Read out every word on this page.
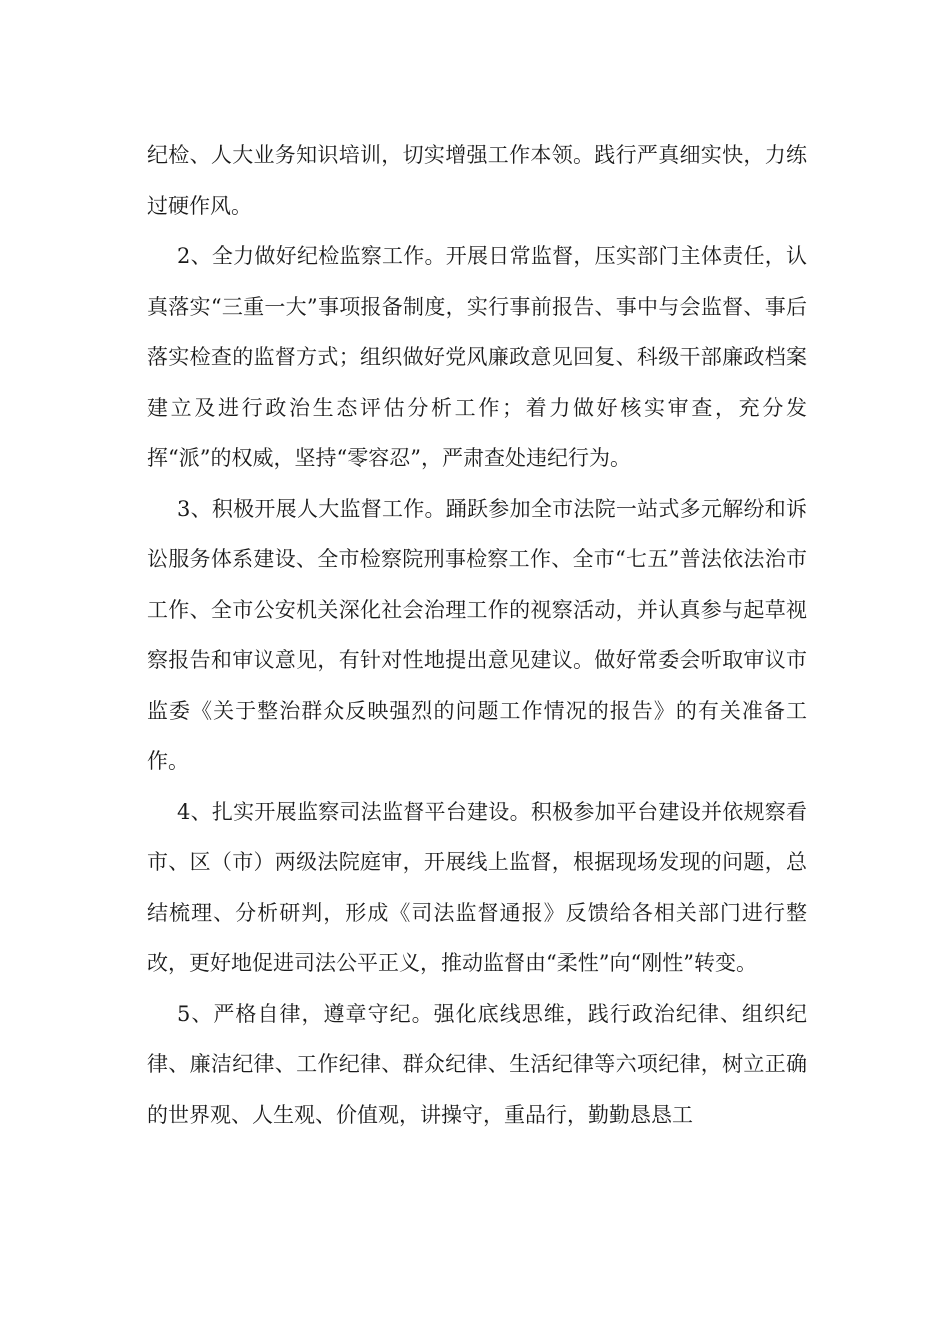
纪检、人大业务知识培训，切实增强工作本领。践行严真细实快，力练过硬作风。

2、全力做好纪检监察工作。开展日常监督，压实部门主体责任，认真落实“三重一大”事项报备制度，实行事前报告、事中与会监督、事后落实检查的监督方式；组织做好党风廉政意见回复、科级干部廉政档案建立及进行政治生态评估分析工作；着力做好核实审查，充分发挥“派”的权威，坚持“零容忍”，严肃查处违纪行为。

3、积极开展人大监督工作。踊跃参加全市法院一站式多元解纷和诉讼服务体系建设、全市检察院刑事检察工作、全市“七五”普法依法治市工作、全市公安机关深化社会治理工作的视察活动，并认真参与起草视察报告和审议意见，有针对性地提出意见建议。做好常委会听取审议市监委《关于整治群众反映强烈的问题工作情况的报告》的有关准备工作。

4、扎实开展监察司法监督平台建设。积极参加平台建设并依规察看市、区（市）两级法院庭审，开展线上监督，根据现场发现的问题，总结梳理、分析研判，形成《司法监督通报》反馈给各相关部门进行整改，更好地促进司法公平正义，推动监督由“柔性”向“刚性”转变。

5、严格自律，遵章守纪。强化底线思维，践行政治纪律、组织纪律、廉洁纪律、工作纪律、群众纪律、生活纪律等六项纪律，树立正确的世界观、人生观、价值观，讲操守，重品行，勤勤恳恳工
